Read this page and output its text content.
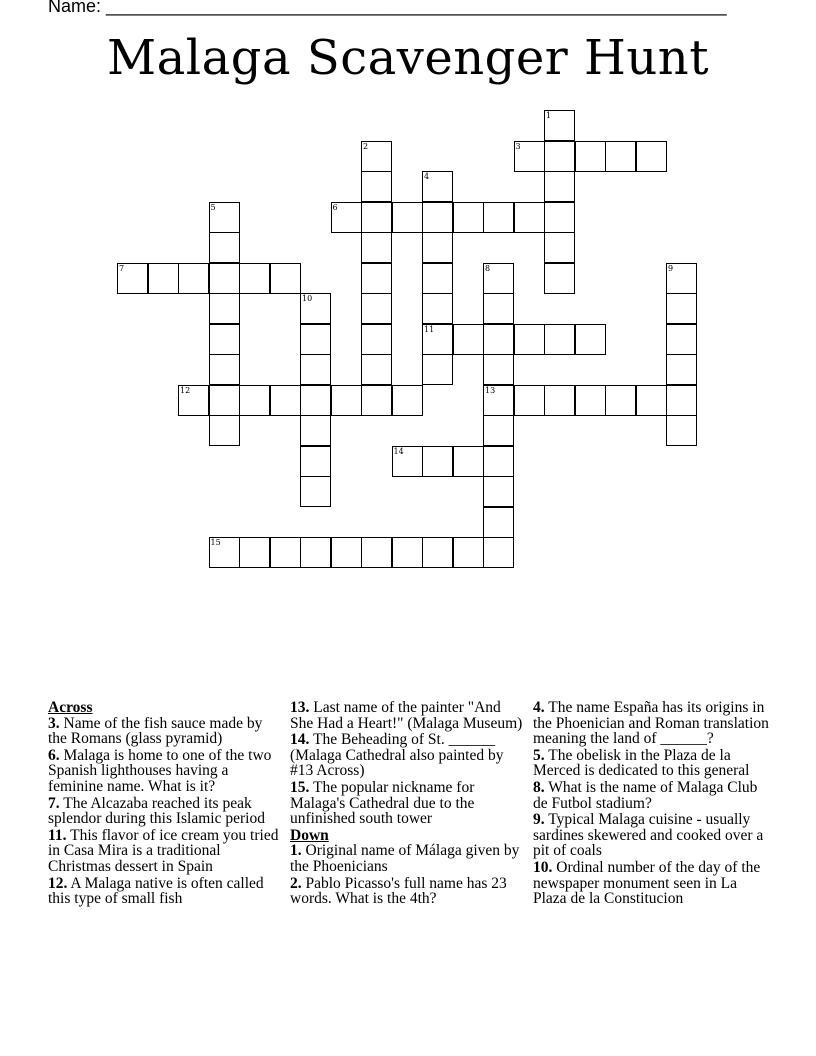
Name: ______________________________________________________________
Malaga Scavenger Hunt
1
2	3
4
5	6
7	8	9
10
11
12	13
14
15
Across
3. Name of the fish sauce made by the Romans (glass pyramid)
6. Malaga is home to one of the two Spanish lighthouses having a feminine name. What is it?
7. The Alcazaba reached its peak splendor during this Islamic period
11. This flavor of ice cream you tried in Casa Mira is a traditional Christmas dessert in Spain
12. A Malaga native is often called this type of small fish
13. Last name of the painter "And She Had a Heart!" (Malaga Museum)
14. The Beheading of St. ______ (Malaga Cathedral also painted by #13 Across)
15. The popular nickname for Malaga's Cathedral due to the unfinished south tower
Down
1. Original name of Málaga given by the Phoenicians
2. Pablo Picasso's full name has 23 words. What is the 4th?
4. The name España has its origins in the Phoenician and Roman translation meaning the land of ______?
5. The obelisk in the Plaza de la Merced is dedicated to this general
8. What is the name of Malaga Club de Futbol stadium?
9. Typical Malaga cuisine - usually sardines skewered and cooked over a pit of coals
10. Ordinal number of the day of the newspaper monument seen in La Plaza de la Constitucion
